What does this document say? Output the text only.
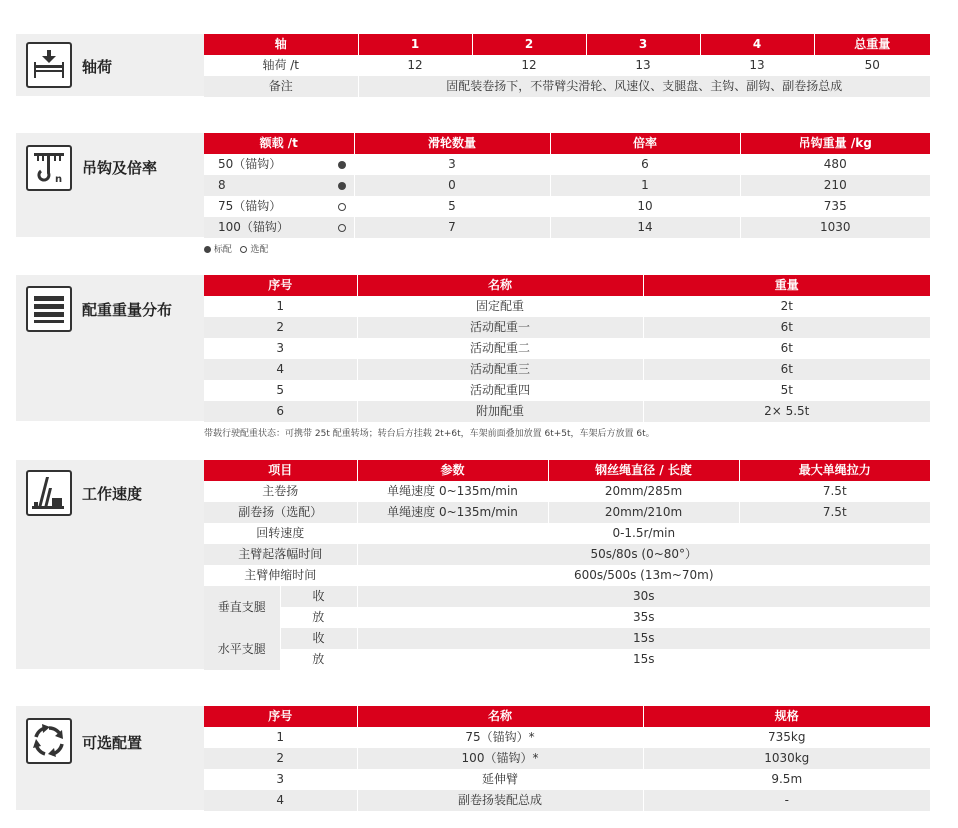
轴荷
轴	1	2	3	4	总重量
轴荷 /t	12	12	13	13	50
备注	固配装卷扬下，不带臂尖滑轮、风速仪、支腿盘、主钩、副钩、副卷扬总成				
n
吊钩及倍率
额载 /t	滑轮数量	倍率	吊钩重量 /kg
50（锚钩）	3	6	480
8	0	1	210
75（锚钩）	5	10	735
100（锚钩）	7	14	1030
标配 选配
配重重量分布
序号	名称	重量
1	固定配重	2t
2	活动配重一	6t
3	活动配重二	6t
4	活动配重三	6t
5	活动配重四	5t
6	附加配重	2× 5.5t
带载行驶配重状态：可携带 25t 配重转场；转台后方挂载 2t+6t，车架前面叠加放置 6t+5t，车架后方放置 6t。
工作速度
项目		参数	钢丝绳直径 / 长度	最大单绳拉力
主卷扬		单绳速度 0~135m/min	20mm/285m	7.5t
副卷扬（选配）		单绳速度 0~135m/min	20mm/210m	7.5t
回转速度		0-1.5r/min		
主臂起落幅时间		50s/80s (0~80°）		
主臂伸缩时间		600s/500s (13m~70m)		
垂直支腿	收	30s		
	放	35s		
水平支腿	收	15s		
	放	15s		
可选配置
序号	名称	规格
1	75（锚钩）*	735kg
2	100（锚钩）*	1030kg
3	延伸臂	9.5m
4	副卷扬装配总成	-
